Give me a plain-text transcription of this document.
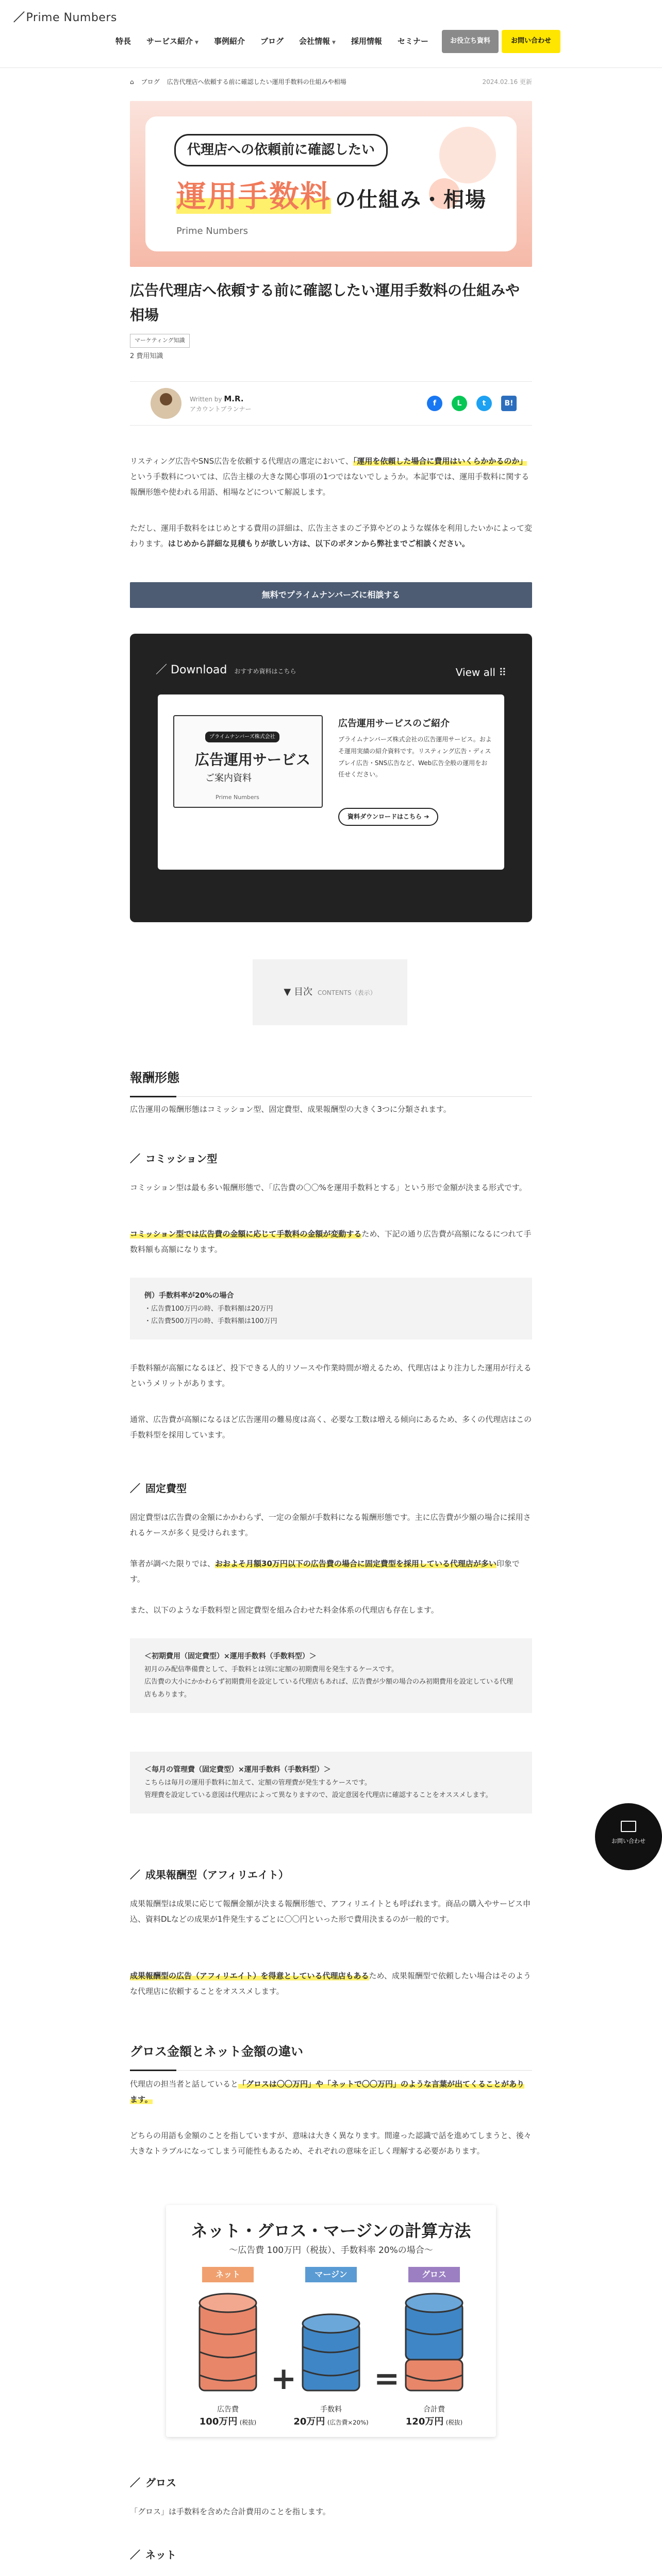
／Prime Numbers
特長	サービス紹介 ▼	事例紹介	ブログ	会社情報 ▼	採用情報	セミナー	お役立ち資料	お問い合わせ
⌂ ブログ 広告代理店へ依頼する前に確認したい運用手数料の仕組みや相場	2024.02.16 更新
代理店への依頼前に確認したい
運用手数料 の仕組み・相場
Prime Numbers
広告代理店へ依頼する前に確認したい運用手数料の仕組みや相場
マーケティング知識
2 費用知識
Written by M.R.
アカウントプランナー
f	L	t	B!
リスティング広告やSNS広告を依頼する代理店の選定において、「運用を依頼した場合に費用はいくらかかるのか」という手数料については、広告主様の大きな関心事項の1つではないでしょうか。本記事では、運用手数料に関する報酬形態や使われる用語、相場などについて解説します。
ただし、運用手数料をはじめとする費用の詳細は、広告主さまのご予算やどのような媒体を利用したいかによって変わります。はじめから詳細な見積もりが欲しい方は、以下のボタンから弊社までご相談ください。
無料でプライムナンバーズに相談する
／ Download おすすめ資料はこちら	View all ⠿
プライムナンバーズ株式会社
広告運用サービス
ご案内資料
Prime Numbers
広告運用サービスのご紹介
プライムナンバーズ株式会社の広告運用サービス。およそ運用実績の紹介資料です。リスティング広告・ディスプレイ広告・SNS広告など、Web広告全般の運用をお任せください。
資料ダウンロードはこちら ➔
▼ 目次 CONTENTS（表示）
報酬形態
広告運用の報酬形態はコミッション型、固定費型、成果報酬型の大きく3つに分類されます。
／ コミッション型
コミッション型は最も多い報酬形態で、「広告費の〇〇%を運用手数料とする」という形で金額が決まる形式です。
コミッション型では広告費の金額に応じて手数料の金額が変動するため、下記の通り広告費が高額になるにつれて手数料額も高額になります。
例）手数料率が20%の場合
・広告費100万円の時、手数料額は20万円
・広告費500万円の時、手数料額は100万円
手数料額が高額になるほど、投下できる人的リソースや作業時間が増えるため、代理店はより注力した運用が行えるというメリットがあります。
通常、広告費が高額になるほど広告運用の難易度は高く、必要な工数は増える傾向にあるため、多くの代理店はこの手数料型を採用しています。
／ 固定費型
固定費型は広告費の金額にかかわらず、一定の金額が手数料になる報酬形態です。主に広告費が少額の場合に採用されるケースが多く見受けられます。
筆者が調べた限りでは、おおよそ月額30万円以下の広告費の場合に固定費型を採用している代理店が多い印象です。
また、以下のような手数料型と固定費型を組み合わせた料金体系の代理店も存在します。
＜初期費用（固定費型）×運用手数料（手数料型）＞
初月のみ配信準備費として、手数料とは別に定額の初期費用を発生するケースです。
広告費の大小にかかわらず初期費用を設定している代理店もあれば、広告費が少額の場合のみ初期費用を設定している代理店もあります。
＜毎月の管理費（固定費型）×運用手数料（手数料型）＞
こちらは毎月の運用手数料に加えて、定額の管理費が発生するケースです。
管理費を設定している意図は代理店によって異なりますので、設定意図を代理店に確認することをオススメします。
／ 成果報酬型（アフィリエイト）
成果報酬型は成果に応じて報酬金額が決まる報酬形態で、アフィリエイトとも呼ばれます。商品の購入やサービス申込、資料DLなどの成果が1件発生するごとに〇〇円といった形で費用決まるのが一般的です。
成果報酬型の広告（アフィリエイト）を得意としている代理店もあるため、成果報酬型で依頼したい場合はそのような代理店に依頼することをオススメします。
グロス金額とネット金額の違い
代理店の担当者と話していると「グロスは〇〇万円」や「ネットで〇〇万円」のような言葉が出てくることがあります。
どちらの用語も金額のことを指していますが、意味は大きく異なります。間違った認識で話を進めてしまうと、後々大きなトラブルになってしまう可能性もあるため、それぞれの意味を正しく理解する必要があります。
ネット・グロス・マージンの計算方法
〜広告費 100万円（税抜）、手数料率 20%の場合〜
ネット	マージン	グロス
+ =
広告費
100万円 (税抜)
手数料
20万円 (広告費×20%)
合計費
120万円 (税抜)
／ グロス
「グロス」は手数料を含めた合計費用のことを指します。
／ ネット
お問い合わせ
